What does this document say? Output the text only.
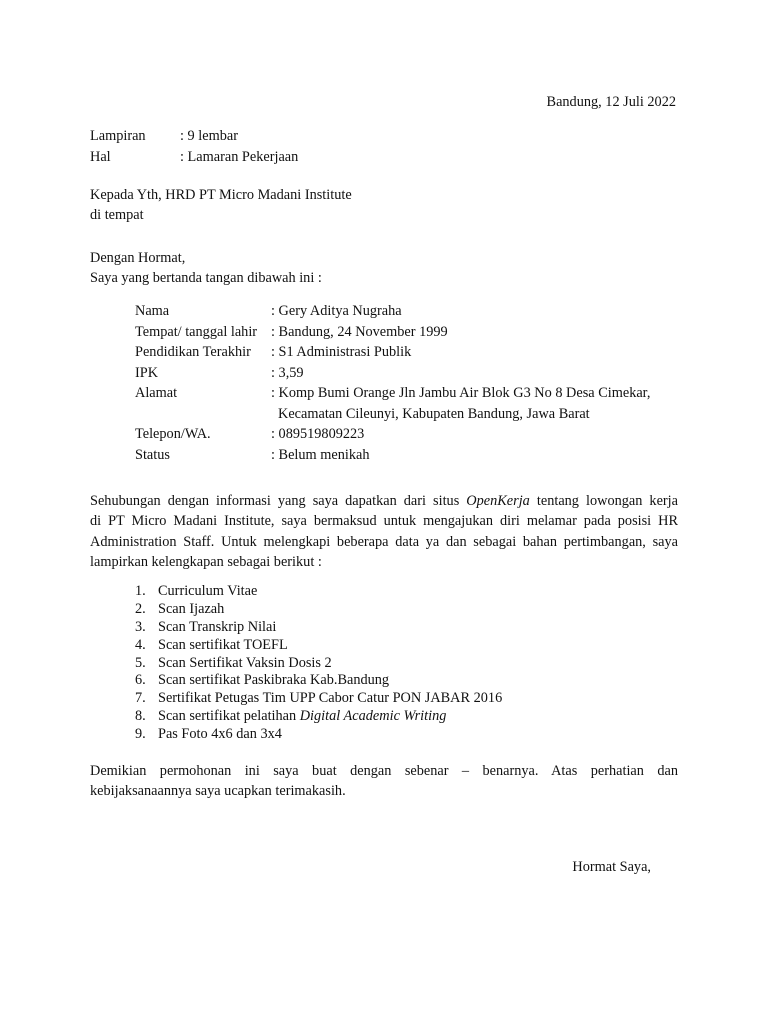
Bandung, 12 Juli 2022
Lampiran : 9 lembar
Hal	: Lamaran Pekerjaan
Kepada Yth, HRD PT Micro Madani Institute
di tempat
Dengan Hormat,
Saya yang bertanda tangan dibawah ini :
Nama	: Gery Aditya Nugraha
Tempat/ tanggal lahir : Bandung, 24 November 1999
Pendidikan Terakhir	: S1 Administrasi Publik
IPK	: 3,59
Alamat	: Komp Bumi Orange Jln Jambu Air Blok G3 No 8 Desa Cimekar,
Kecamatan Cileunyi, Kabupaten Bandung, Jawa Barat
Telepon/WA.	: 089519809223
Status	: Belum menikah
Sehubungan dengan informasi yang saya dapatkan dari situs OpenKerja tentang lowongan kerja
di PT Micro Madani Institute, saya bermaksud untuk mengajukan diri melamar pada posisi HR
Administration Staff. Untuk melengkapi beberapa data ya dan sebagai bahan pertimbangan, saya
lampirkan kelengkapan sebagai berikut :
1. Curriculum Vitae
2. Scan Ijazah
3. Scan Transkrip Nilai
4. Scan sertifikat TOEFL
5. Scan Sertifikat Vaksin Dosis 2
6. Scan sertifikat Paskibraka Kab.Bandung
7. Sertifikat Petugas Tim UPP Cabor Catur PON JABAR 2016
8. Scan sertifikat pelatihan Digital Academic Writing
9. Pas Foto 4x6 dan 3x4
Demikian permohonan ini saya buat dengan sebenar – benarnya. Atas perhatian dan
kebijaksanaannya saya ucapkan terimakasih.
Hormat Saya,
